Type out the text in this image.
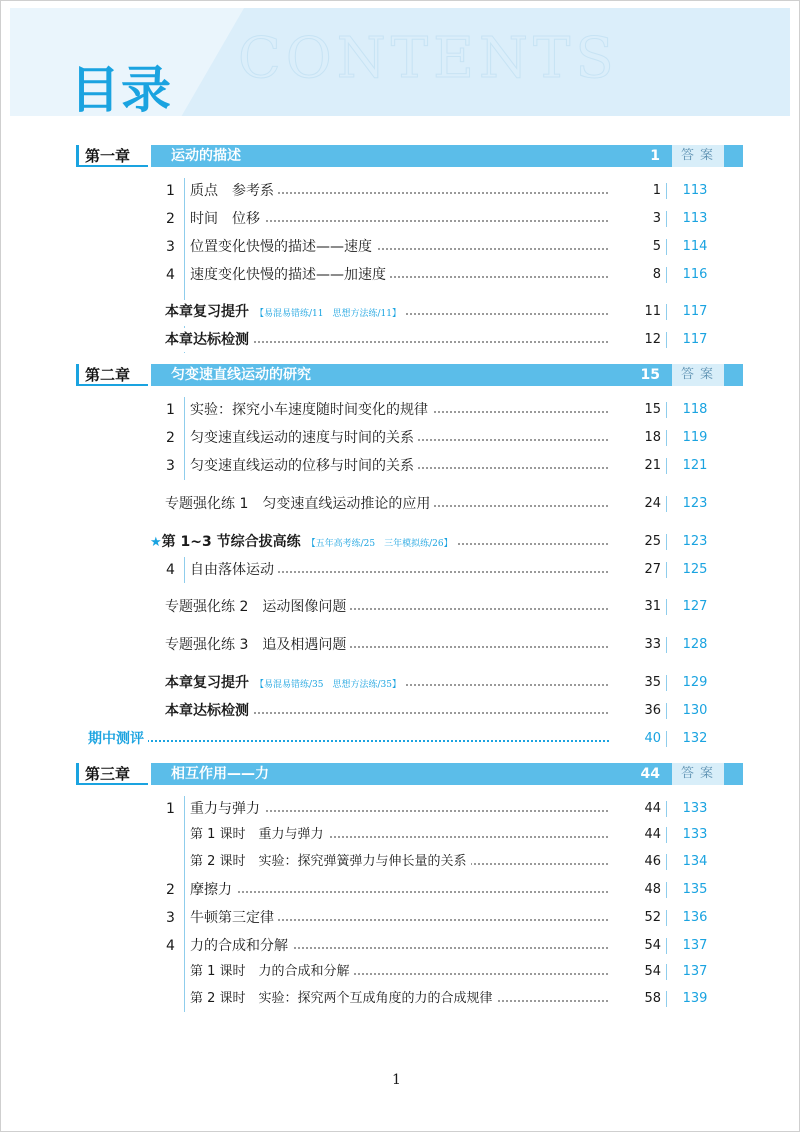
CONTENTS
目录
第一章	运动的描述	1	答案
1 质点　参考系	1	113
2 时间　位移	3	113
3 位置变化快慢的描述——速度	5	114
4 速度变化快慢的描述——加速度	8	116
本章复习提升 【易混易错练/11　思想方法练/11】	11	117
本章达标检测	12	117
第二章	匀变速直线运动的研究	15	答案
1 实验：探究小车速度随时间变化的规律	15	118
2 匀变速直线运动的速度与时间的关系	18	119
3 匀变速直线运动的位移与时间的关系	21	121
专题强化练 1　匀变速直线运动推论的应用	24	123
★第 1~3 节综合拔高练 【五年高考练/25　三年模拟练/26】	25	123
4 自由落体运动	27	125
专题强化练 2　运动图像问题	31	127
专题强化练 3　追及相遇问题	33	128
本章复习提升 【易混易错练/35　思想方法练/35】	35	129
本章达标检测	36	130
期中测评	40	132
第三章	相互作用——力	44	答案
1 重力与弹力	44	133
第 1 课时　重力与弹力	44	133
第 2 课时　实验：探究弹簧弹力与伸长量的关系	46	134
2 摩擦力	48	135
3 牛顿第三定律	52	136
4 力的合成和分解	54	137
第 1 课时　力的合成和分解	54	137
第 2 课时　实验：探究两个互成角度的力的合成规律	58	139
1
